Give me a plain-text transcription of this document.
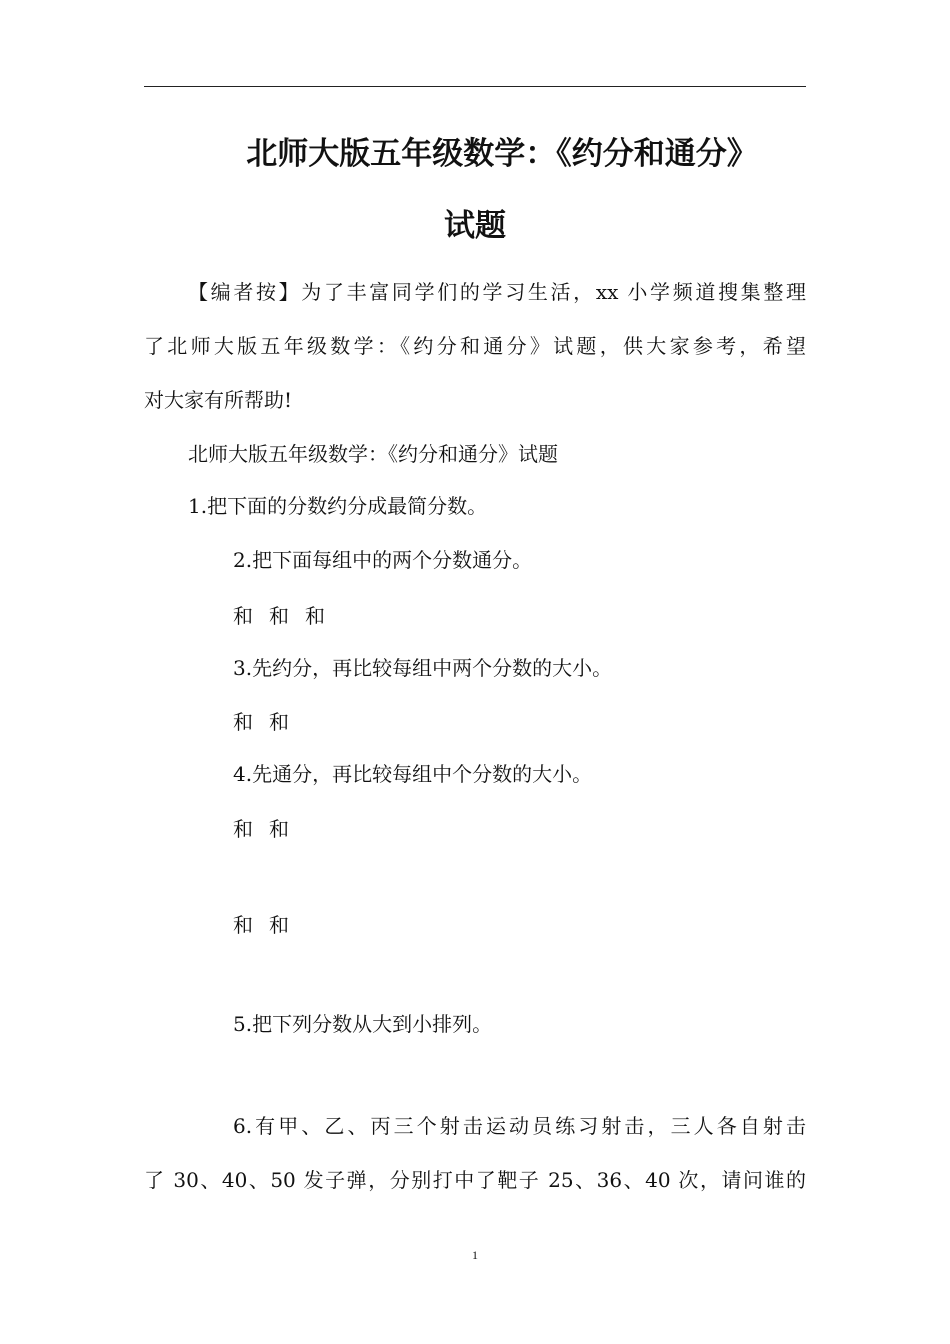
北师大版五年级数学：《约分和通分》
试题
【编者按】为了丰富同学们的学习生活，xx 小学频道搜集整理
了北师大版五年级数学：《约分和通分》试题，供大家参考，希望
对大家有所帮助!
北师大版五年级数学：《约分和通分》试题
1.把下面的分数约分成最简分数。
2.把下面每组中的两个分数通分。
和 和 和
3.先约分，再比较每组中两个分数的大小。
和 和
4.先通分，再比较每组中个分数的大小。
和 和
和 和
5.把下列分数从大到小排列。
6.有甲、乙、丙三个射击运动员练习射击，三人各自射击
了 30、40、50 发子弹，分别打中了靶子 25、36、40 次，请问谁的
1
